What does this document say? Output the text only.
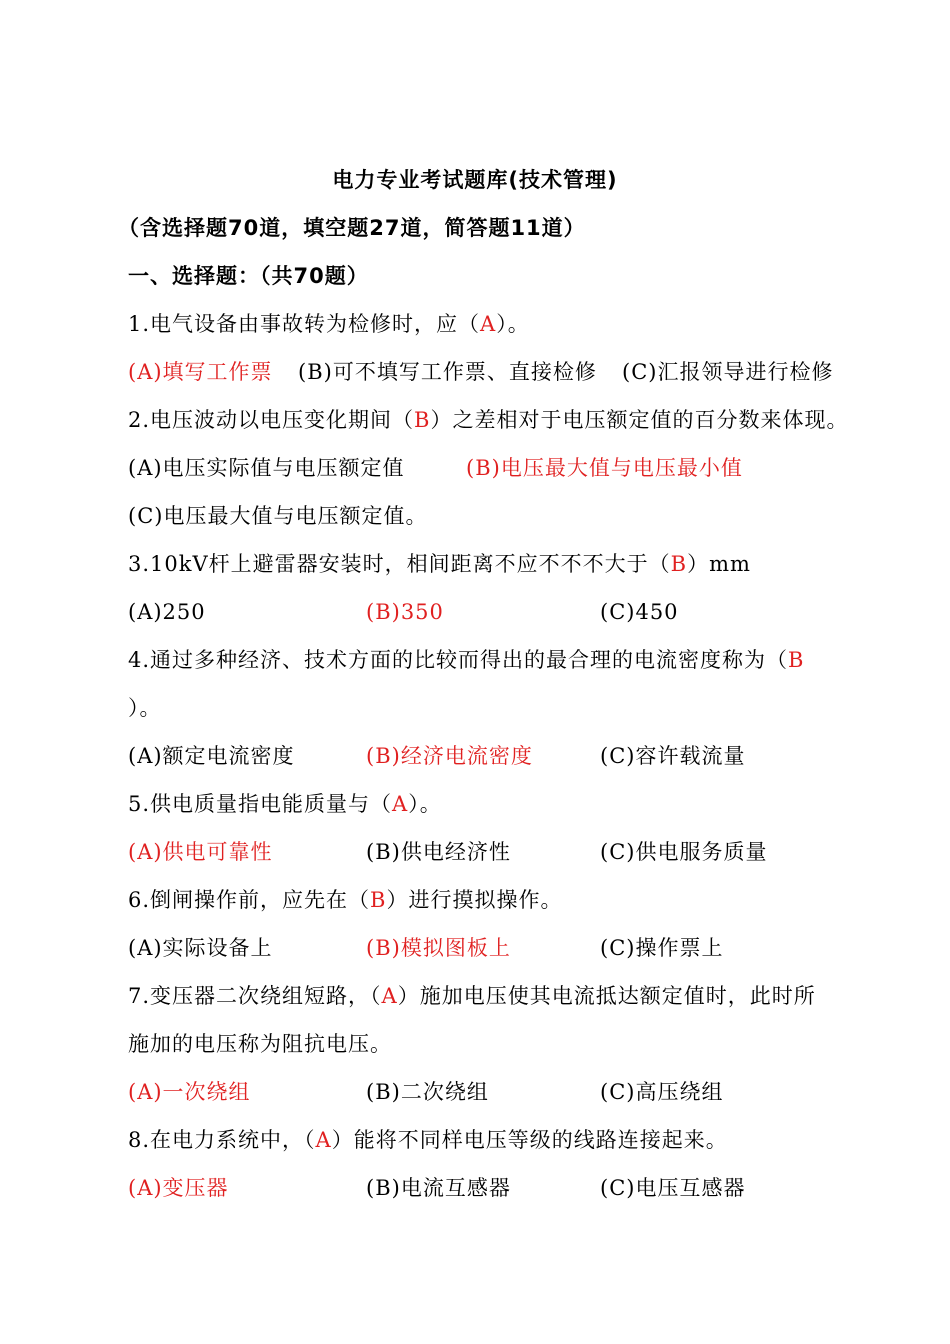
电力专业考试题库(技术管理)
（含选择题70道，填空题27道，简答题11道）
一、选择题：（共70题）
1.电气设备由事故转为检修时，应（A）。
(A)填写工作票 (B)可不填写工作票、直接检修 (C)汇报领导进行检修
2.电压波动以电压变化期间（B）之差相对于电压额定值的百分数来体现。
(A)电压实际值与电压额定值	(B)电压最大值与电压最小值
(C)电压最大值与电压额定值。
3.10kV杆上避雷器安装时，相间距离不应不不不大于（B）mm
(A)250	(B)350	(C)450
4.通过多种经济、技术方面的比较而得出的最合理的电流密度称为（B
）。
(A)额定电流密度	(B)经济电流密度	(C)容许载流量
5.供电质量指电能质量与（A）。
(A)供电可靠性	(B)供电经济性	(C)供电服务质量
6.倒闸操作前，应先在（B）进行摸拟操作。
(A)实际设备上	(B)模拟图板上	(C)操作票上
7.变压器二次绕组短路，（A）施加电压使其电流抵达额定值时，此时所
施加的电压称为阻抗电压。
(A)一次绕组	(B)二次绕组	(C)高压绕组
8.在电力系统中，（A）能将不同样电压等级的线路连接起来。
(A)变压器	(B)电流互感器	(C)电压互感器
